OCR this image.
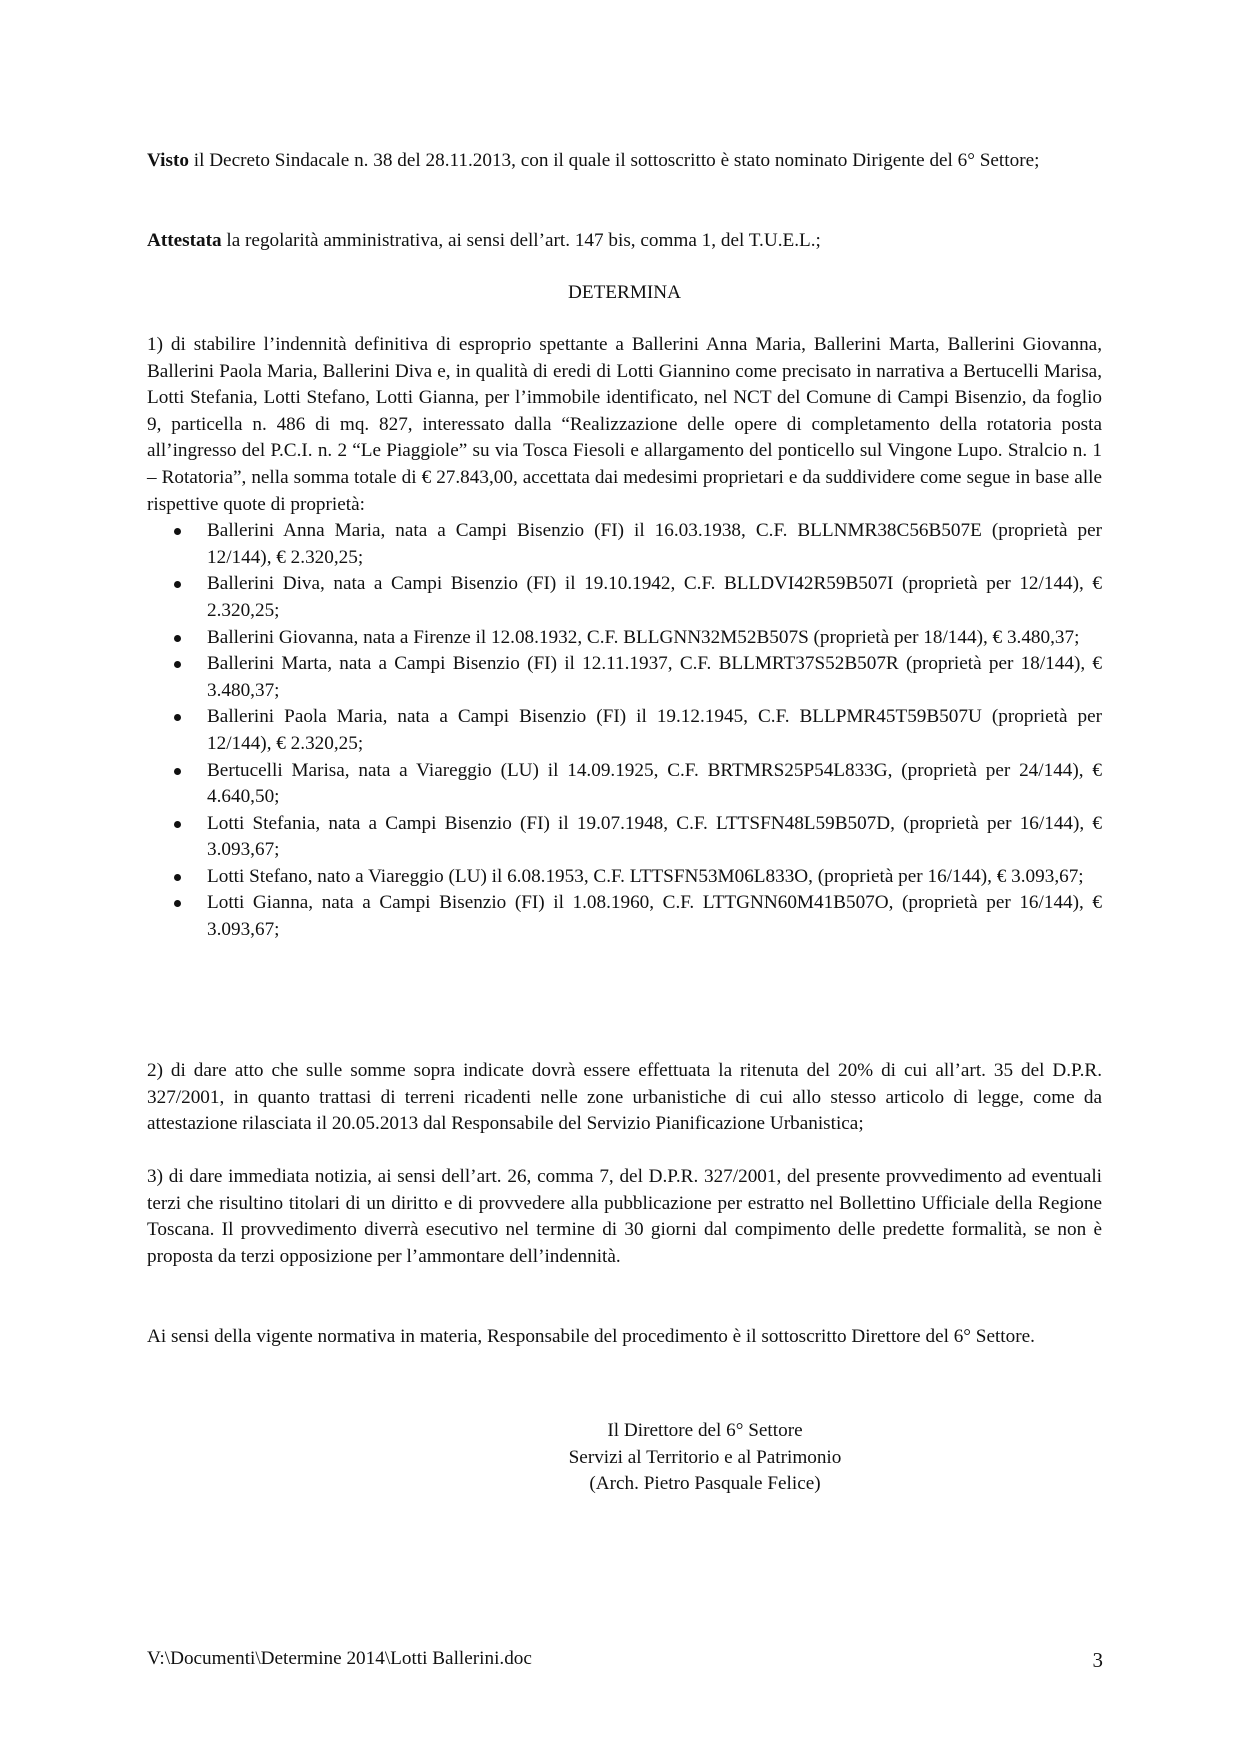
Visto il Decreto Sindacale n. 38 del 28.11.2013, con il quale il sottoscritto è stato nominato Dirigente del 6° Settore;

Attestata la regolarità amministrativa, ai sensi dell’art. 147 bis, comma 1, del T.U.E.L.;

DETERMINA

1) di stabilire l’indennità definitiva di esproprio spettante a Ballerini Anna Maria, Ballerini Marta, Ballerini Giovanna, Ballerini Paola Maria, Ballerini Diva e, in qualità di eredi di Lotti Giannino come precisato in narrativa a Bertucelli Marisa, Lotti Stefania, Lotti Stefano, Lotti Gianna, per l’immobile identificato, nel NCT del Comune di Campi Bisenzio, da foglio 9, particella n. 486 di mq. 827, interessato dalla “Realizzazione delle opere di completamento della rotatoria posta all’ingresso del P.C.I. n. 2 “Le Piaggiole” su via Tosca Fiesoli e allargamento del ponticello sul Vingone Lupo. Stralcio n. 1 – Rotatoria”, nella somma totale di € 27.843,00, accettata dai medesimi proprietari e da suddividere come segue in base alle rispettive quote di proprietà:

Ballerini Anna Maria, nata a Campi Bisenzio (FI) il 16.03.1938, C.F. BLLNMR38C56B507E (proprietà per 12/144), € 2.320,25;
Ballerini Diva, nata a Campi Bisenzio (FI) il 19.10.1942, C.F. BLLDVI42R59B507I (proprietà per 12/144), € 2.320,25;
Ballerini Giovanna, nata a Firenze il 12.08.1932, C.F. BLLGNN32M52B507S (proprietà per 18/144), € 3.480,37;
Ballerini Marta, nata a Campi Bisenzio (FI) il 12.11.1937, C.F. BLLMRT37S52B507R (proprietà per 18/144), € 3.480,37;
Ballerini Paola Maria, nata a Campi Bisenzio (FI) il 19.12.1945, C.F. BLLPMR45T59B507U (proprietà per 12/144), € 2.320,25;
Bertucelli Marisa, nata a Viareggio (LU) il 14.09.1925, C.F. BRTMRS25P54L833G, (proprietà per 24/144), € 4.640,50;
Lotti Stefania, nata a Campi Bisenzio (FI) il 19.07.1948, C.F. LTTSFN48L59B507D, (proprietà per 16/144), € 3.093,67;
Lotti Stefano, nato a Viareggio (LU) il 6.08.1953, C.F. LTTSFN53M06L833O, (proprietà per 16/144), € 3.093,67;
Lotti Gianna, nata a Campi Bisenzio (FI) il 1.08.1960, C.F. LTTGNN60M41B507O, (proprietà per 16/144), € 3.093,67;

2) di dare atto che sulle somme sopra indicate dovrà essere effettuata la ritenuta del 20% di cui all’art. 35 del D.P.R. 327/2001, in quanto trattasi di terreni ricadenti nelle zone urbanistiche di cui allo stesso articolo di legge, come da attestazione rilasciata il 20.05.2013 dal Responsabile del Servizio Pianificazione Urbanistica;

3) di dare immediata notizia, ai sensi dell’art. 26, comma 7, del D.P.R. 327/2001, del presente provvedimento ad eventuali terzi che risultino titolari di un diritto e di provvedere alla pubblicazione per estratto nel Bollettino Ufficiale della Regione Toscana. Il provvedimento diverrà esecutivo nel termine di 30 giorni dal compimento delle predette formalità, se non è proposta da terzi opposizione per l’ammontare dell’indennità.

Ai sensi della vigente normativa in materia, Responsabile del procedimento è il sottoscritto Direttore del 6° Settore.

Il Direttore del 6° Settore
Servizi al Territorio e al Patrimonio
(Arch. Pietro Pasquale Felice)
V:\Documenti\Determine 2014\Lotti Ballerini.doc	3
